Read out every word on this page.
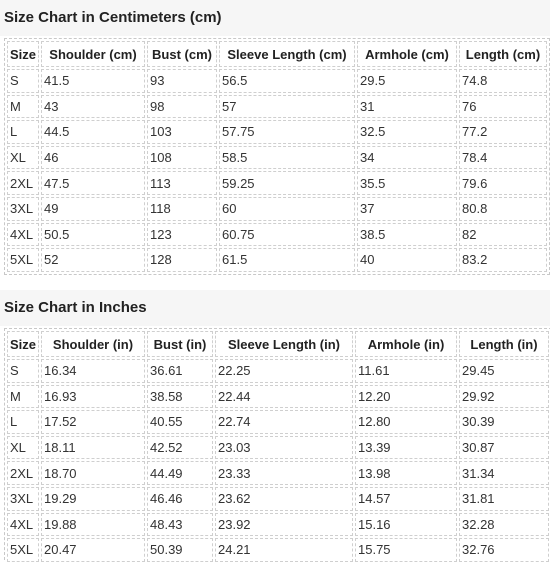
Size Chart in Centimeters (cm)
Size	Shoulder (cm)	Bust (cm)	Sleeve Length (cm)	Armhole (cm)	Length (cm)
S	41.5	93	56.5	29.5	74.8
M	43	98	57	31	76
L	44.5	103	57.75	32.5	77.2
XL	46	108	58.5	34	78.4
2XL	47.5	113	59.25	35.5	79.6
3XL	49	118	60	37	80.8
4XL	50.5	123	60.75	38.5	82
5XL	52	128	61.5	40	83.2
Size Chart in Inches
Size	Shoulder (in)	Bust (in)	Sleeve Length (in)	Armhole (in)	Length (in)
S	16.34	36.61	22.25	11.61	29.45
M	16.93	38.58	22.44	12.20	29.92
L	17.52	40.55	22.74	12.80	30.39
XL	18.11	42.52	23.03	13.39	30.87
2XL	18.70	44.49	23.33	13.98	31.34
3XL	19.29	46.46	23.62	14.57	31.81
4XL	19.88	48.43	23.92	15.16	32.28
5XL	20.47	50.39	24.21	15.75	32.76
